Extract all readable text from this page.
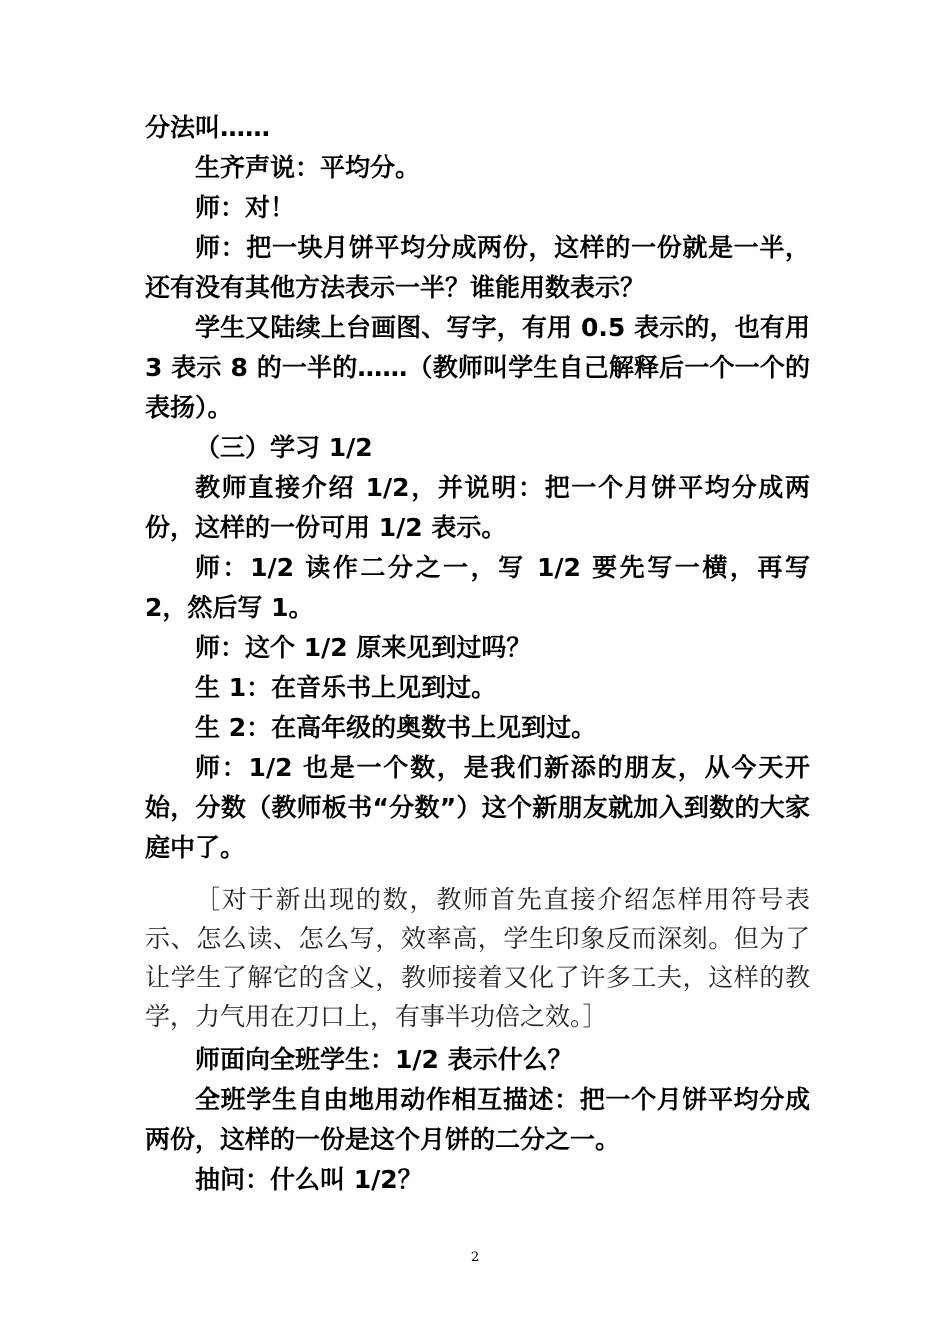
分法叫……

生齐声说：平均分。

师：对！

师：把一块月饼平均分成两份，这样的一份就是一半，还有没有其他方法表示一半？谁能用数表示？

学生又陆续上台画图、写字，有用 0.5 表示的，也有用 3 表示 8 的一半的……（教师叫学生自己解释后一个一个的表扬）。

（三）学习 1/2

教师直接介绍 1/2，并说明：把一个月饼平均分成两份，这样的一份可用 1/2 表示。

师：1/2 读作二分之一，写 1/2 要先写一横，再写 2，然后写 1。

师：这个 1/2 原来见到过吗？

生 1：在音乐书上见到过。

生 2：在高年级的奥数书上见到过。

师：1/2 也是一个数，是我们新添的朋友，从今天开始，分数（教师板书“分数”）这个新朋友就加入到数的大家庭中了。

［对于新出现的数，教师首先直接介绍怎样用符号表示、怎么读、怎么写，效率高，学生印象反而深刻。但为了让学生了解它的含义，教师接着又化了许多工夫，这样的教学，力气用在刀口上，有事半功倍之效。］

师面向全班学生：1/2 表示什么？

全班学生自由地用动作相互描述：把一个月饼平均分成两份，这样的一份是这个月饼的二分之一。

抽问：什么叫 1/2？

2
